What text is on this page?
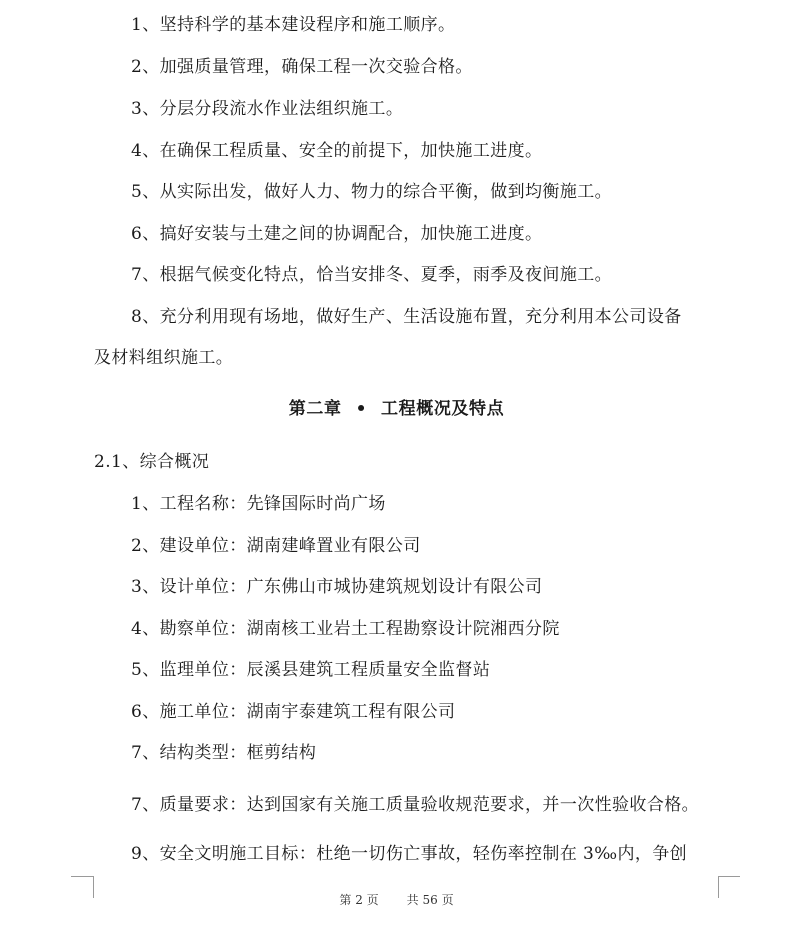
1、坚持科学的基本建设程序和施工顺序。
2、加强质量管理，确保工程一次交验合格。
3、分层分段流水作业法组织施工。
4、在确保工程质量、安全的前提下，加快施工进度。
5、从实际出发，做好人力、物力的综合平衡，做到均衡施工。
6、搞好安装与土建之间的协调配合，加快施工进度。
7、根据气候变化特点，恰当安排冬、夏季，雨季及夜间施工。
8、充分利用现有场地，做好生产、生活设施布置，充分利用本公司设备
及材料组织施工。
第二章 • 工程概况及特点
2.1、综合概况
1、工程名称：先锋国际时尚广场
2、建设单位：湖南建峰置业有限公司
3、设计单位：广东佛山市城协建筑规划设计有限公司
4、勘察单位：湖南核工业岩土工程勘察设计院湘西分院
5、监理单位：辰溪县建筑工程质量安全监督站
6、施工单位：湖南宇泰建筑工程有限公司
7、结构类型：框剪结构
7、质量要求：达到国家有关施工质量验收规范要求，并一次性验收合格。
9、安全文明施工目标：杜绝一切伤亡事故，轻伤率控制在 3‰内，争创
第 2 页 共 56 页
